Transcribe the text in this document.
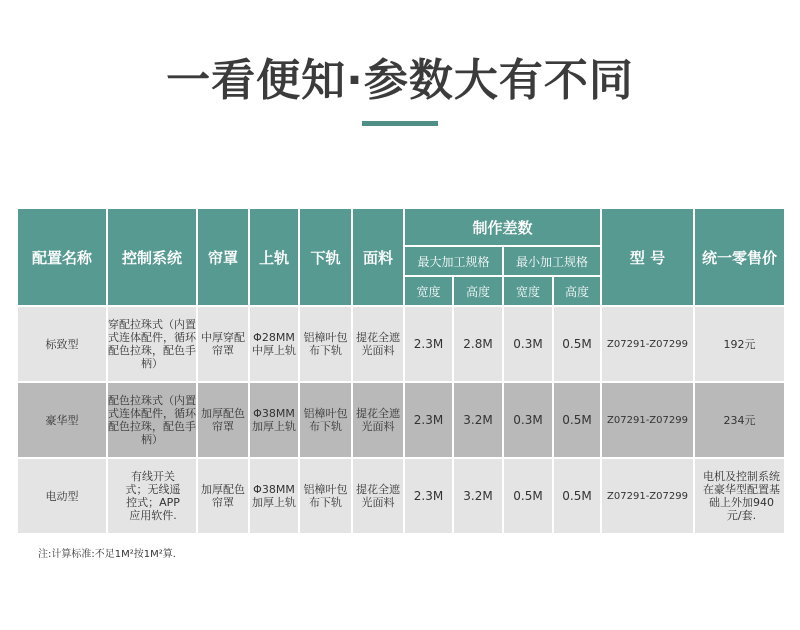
一看便知·参数大有不同
配置名称	控制系统	帘罩	上轨	下轨	面料	制作差数				型 号	统一零售价
						最大加工规格		最小加工规格			
						宽度	高度	宽度	高度		
标致型	穿配拉珠式（内置式连体配件，循环配色拉珠，配色手柄）	中厚穿配帘罩	Φ28MM中厚上轨	铝樟叶包布下轨	提花全遮光面料	2.3M	2.8M	0.3M	0.5M	Z07291-Z07299	192元
豪华型	配色拉珠式（内置式连体配件，循环配色拉珠，配色手柄）	加厚配色帘罩	Φ38MM加厚上轨	铝樟叶包布下轨	提花全遮光面料	2.3M	3.2M	0.3M	0.5M	Z07291-Z07299	234元
电动型	有线开关式；无线遥控式；APP应用软件.	加厚配色帘罩	Φ38MM加厚上轨	铝樟叶包布下轨	提花全遮光面料	2.3M	3.2M	0.5M	0.5M	Z07291-Z07299	电机及控制系统在豪华型配置基础上外加940元/套.
注:计算标准:不足1M²按1M²算.
